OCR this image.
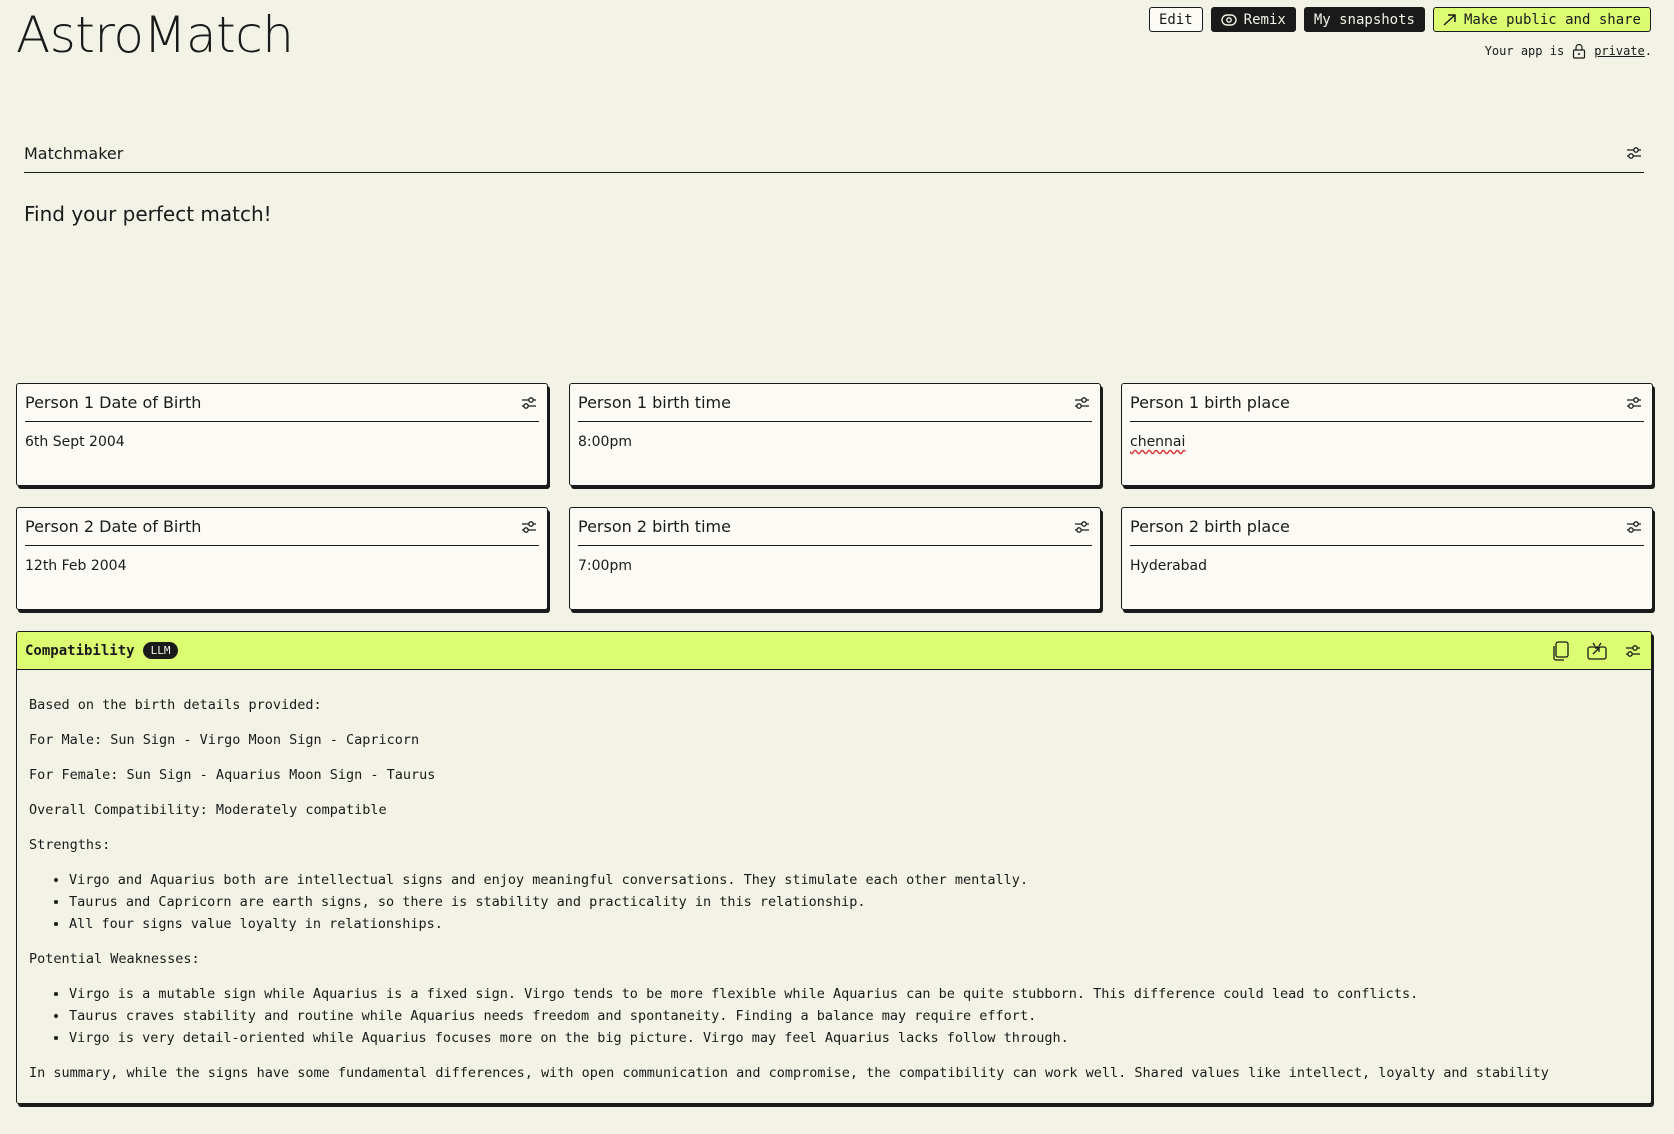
AstroMatch	Edit	Remix My snapshots	Make public and share
Your app is	private.
Matchmaker
Find your perfect match!
Person 1 Date of Birth
6th Sept 2004
Person 1 birth time
8:00pm
Person 1 birth place
chennai
Person 2 Date of Birth
12th Feb 2004
Person 2 birth time
7:00pm
Person 2 birth place
Hyderabad
Compatibility	LLM

Based on the birth details provided:

For Male: Sun Sign - Virgo Moon Sign - Capricorn

For Female: Sun Sign - Aquarius Moon Sign - Taurus

Overall Compatibility: Moderately compatible

Strengths:

• Virgo and Aquarius both are intellectual signs and enjoy meaningful conversations. They stimulate each other mentally.
• Taurus and Capricorn are earth signs, so there is stability and practicality in this relationship.
• All four signs value loyalty in relationships.

Potential Weaknesses:

• Virgo is a mutable sign while Aquarius is a fixed sign. Virgo tends to be more flexible while Aquarius can be quite stubborn. This difference could lead to conflicts.
• Taurus craves stability and routine while Aquarius needs freedom and spontaneity. Finding a balance may require effort.
• Virgo is very detail-oriented while Aquarius focuses more on the big picture. Virgo may feel Aquarius lacks follow through.

In summary, while the signs have some fundamental differences, with open communication and compromise, the compatibility can work well. Shared values like intellect, loyalty and stability
